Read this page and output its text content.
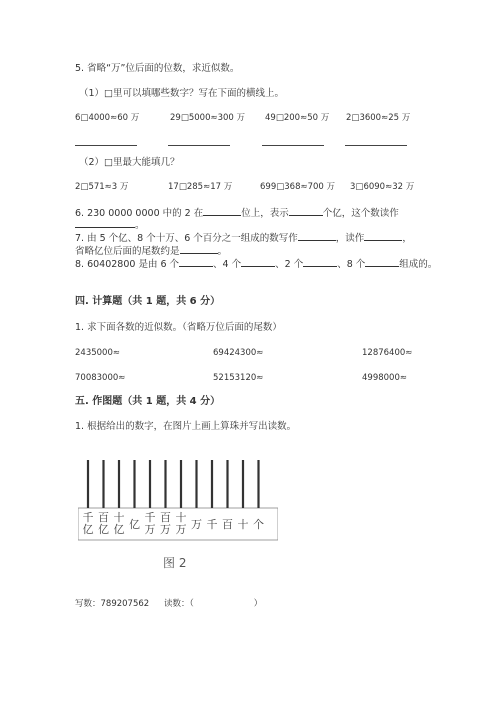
5. 省略“万”位后面的位数，求近似数。
（1）□里可以填哪些数字？写在下面的横线上。
6□4000≈60 万	29□5000≈300 万 49□200≈50 万 2□3600≈25 万
（2）□里最大能填几？
2□571≈3 万	17□285≈17 万	699□368≈700 万 3□6090≈32 万
6. 230 0000 0000 中的 2 在	位上，表示	个亿，这个数读作
。
7. 由 5 个亿、8 个十万、6 个百分之一组成的数写作	，读作	，
省略亿位后面的尾数约是	。
8. 60402800 是由 6 个	、4 个	、2 个	、8 个	组成的。
四. 计算题（共 1 题，共 6 分）
1. 求下面各数的近似数。（省略万位后面的尾数）
2435000≈	69424300≈	12876400≈
70083000≈	52153120≈	4998000≈
五. 作图题（共 1 题，共 4 分）
1. 根据给出的数字，在图片上画上算珠并写出读数。
千
亿
百
亿
十
亿 亿
千
万
百
万
十
万 万 千 百 十 个
图 2
写数：789207562 读数：（	）
